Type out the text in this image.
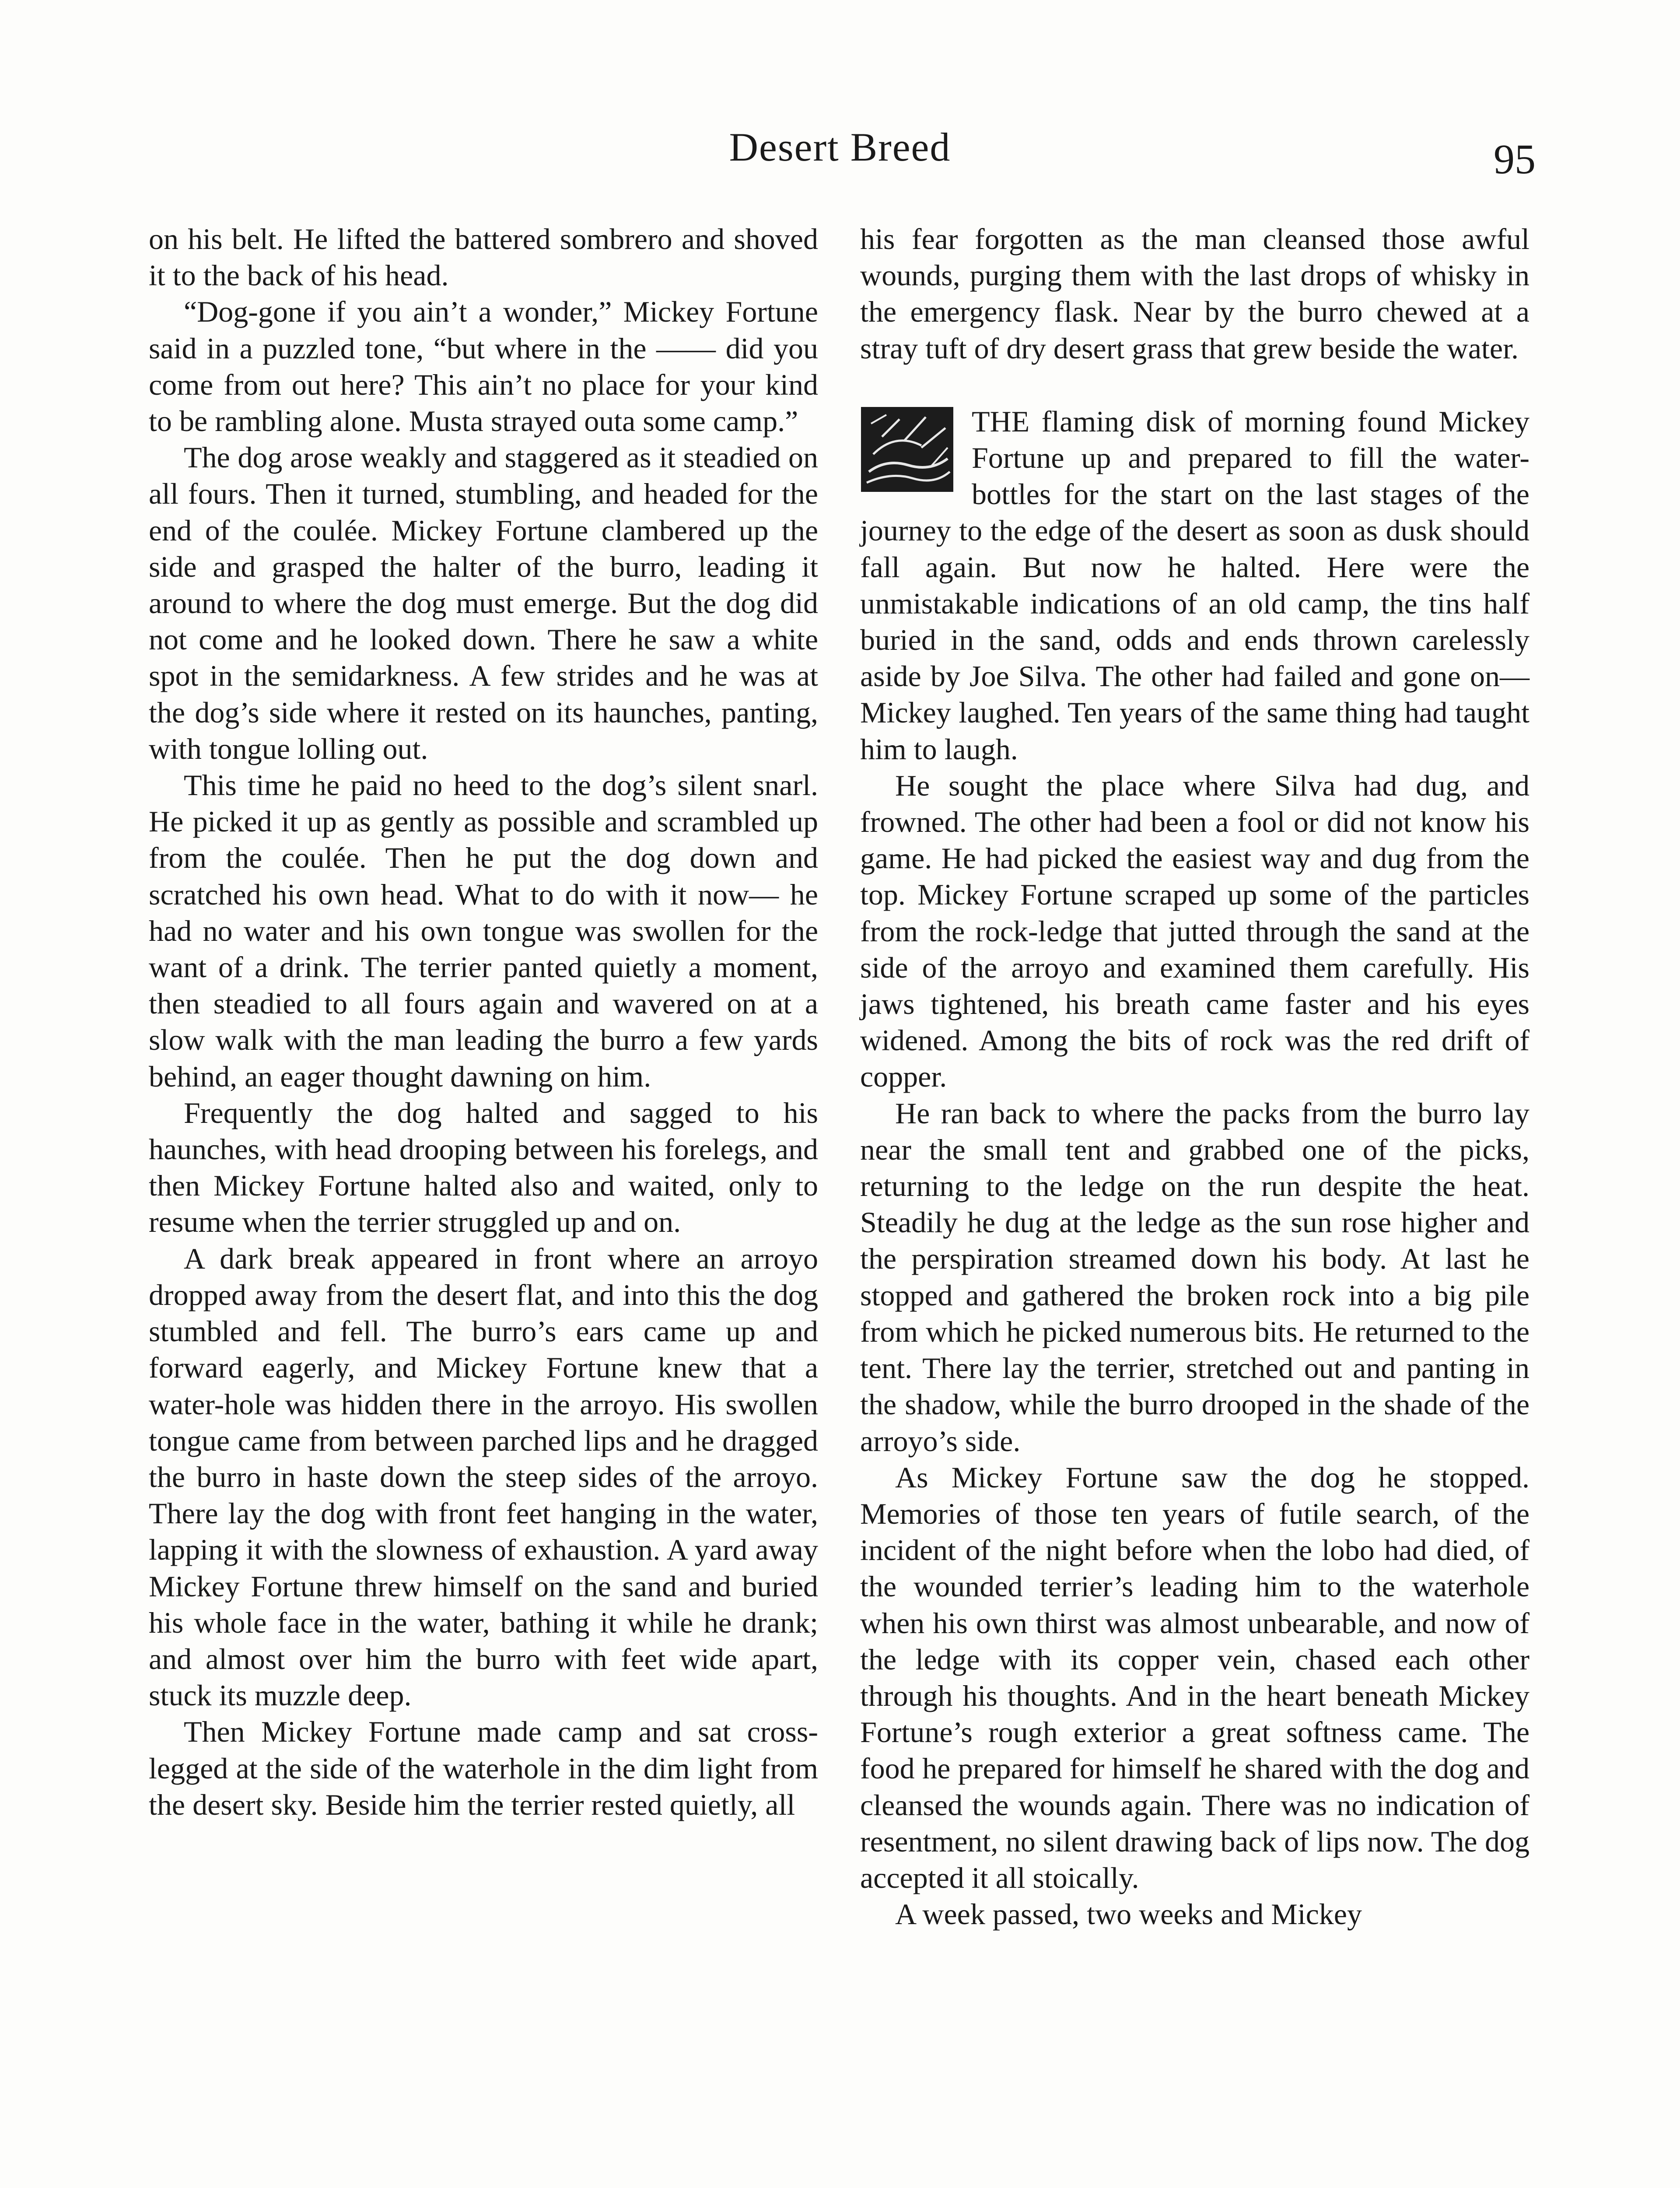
Desert Breed	95

on his belt. He lifted the battered sombrero and shoved it to the back of his head.

“Dog-gone if you ain’t a wonder,” Mickey Fortune said in a puzzled tone, “but where in the —— did you come from out here? This ain’t no place for your kind to be rambling alone. Musta strayed outa some camp.”

The dog arose weakly and staggered as it steadied on all fours. Then it turned, stumbling, and headed for the end of the coulée. Mickey Fortune clambered up the side and grasped the halter of the burro, leading it around to where the dog must emerge. But the dog did not come and he looked down. There he saw a white spot in the semidarkness. A few strides and he was at the dog’s side where it rested on its haunches, panting, with tongue lolling out.

This time he paid no heed to the dog’s silent snarl. He picked it up as gently as possible and scrambled up from the coulée. Then he put the dog down and scratched his own head. What to do with it now— he had no water and his own tongue was swollen for the want of a drink. The terrier panted quietly a moment, then steadied to all fours again and wavered on at a slow walk with the man leading the burro a few yards behind, an eager thought dawning on him.

Frequently the dog halted and sagged to his haunches, with head drooping between his forelegs, and then Mickey Fortune halted also and waited, only to resume when the terrier struggled up and on.

A dark break appeared in front where an arroyo dropped away from the desert flat, and into this the dog stumbled and fell. The burro’s ears came up and forward eagerly, and Mickey Fortune knew that a water-hole was hidden there in the arroyo. His swollen tongue came from between parched lips and he dragged the burro in haste down the steep sides of the arroyo. There lay the dog with front feet hanging in the water, lapping it with the slowness of exhaustion. A yard away Mickey Fortune threw himself on the sand and buried his whole face in the water, bathing it while he drank; and almost over him the burro with feet wide apart, stuck its muzzle deep.

Then Mickey Fortune made camp and sat cross-legged at the side of the waterhole in the dim light from the desert sky. Beside him the terrier rested quietly, all

his fear forgotten as the man cleansed those awful wounds, purging them with the last drops of whisky in the emergency flask. Near by the burro chewed at a stray tuft of dry desert grass that grew beside the water.

THE flaming disk of morning found Mickey Fortune up and prepared to fill the water-bottles for the start on the last stages of the journey to the edge of the desert as soon as dusk should fall again. But now he halted. Here were the unmistakable indications of an old camp, the tins half buried in the sand, odds and ends thrown carelessly aside by Joe Silva. The other had failed and gone on—Mickey laughed. Ten years of the same thing had taught him to laugh.

He sought the place where Silva had dug, and frowned. The other had been a fool or did not know his game. He had picked the easiest way and dug from the top. Mickey Fortune scraped up some of the particles from the rock-ledge that jutted through the sand at the side of the arroyo and examined them carefully. His jaws tightened, his breath came faster and his eyes widened. Among the bits of rock was the red drift of copper.

He ran back to where the packs from the burro lay near the small tent and grabbed one of the picks, returning to the ledge on the run despite the heat. Steadily he dug at the ledge as the sun rose higher and the perspiration streamed down his body. At last he stopped and gathered the broken rock into a big pile from which he picked numerous bits. He returned to the tent. There lay the terrier, stretched out and panting in the shadow, while the burro drooped in the shade of the arroyo’s side.

As Mickey Fortune saw the dog he stopped. Memories of those ten years of futile search, of the incident of the night before when the lobo had died, of the wounded terrier’s leading him to the waterhole when his own thirst was almost unbearable, and now of the ledge with its copper vein, chased each other through his thoughts. And in the heart beneath Mickey Fortune’s rough exterior a great softness came. The food he prepared for himself he shared with the dog and cleansed the wounds again. There was no indication of resentment, no silent drawing back of lips now. The dog accepted it all stoically.

A week passed, two weeks and Mickey
